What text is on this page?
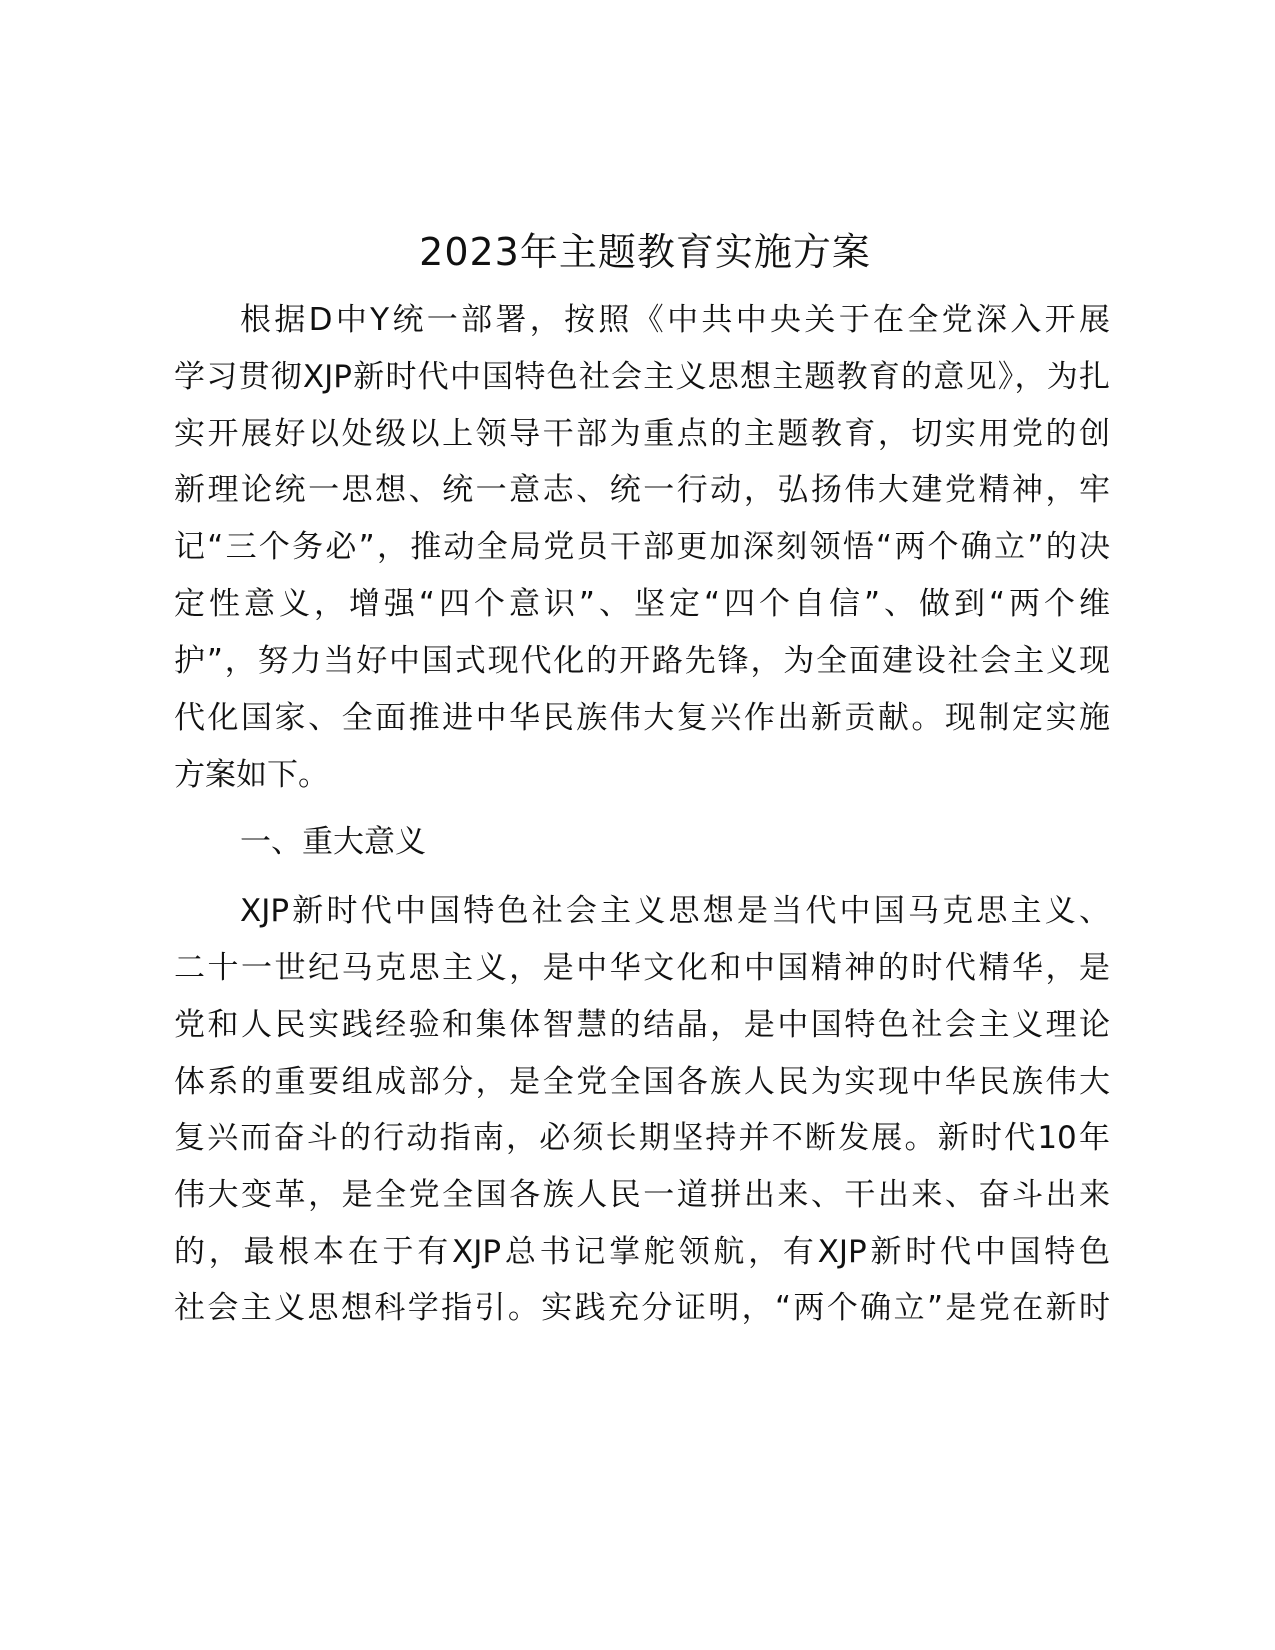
2023年主题教育实施方案
根据D中Y统一部署，按照《中共中央关于在全党深入开展
学习贯彻XJP新时代中国特色社会主义思想主题教育的意见》，为扎
实开展好以处级以上领导干部为重点的主题教育，切实用党的创
新理论统一思想、统一意志、统一行动，弘扬伟大建党精神，牢
记“三个务必”，推动全局党员干部更加深刻领悟“两个确立”的决
定性意义，增强“四个意识”、坚定“四个自信”、做到“两个维
护”，努力当好中国式现代化的开路先锋，为全面建设社会主义现
代化国家、全面推进中华民族伟大复兴作出新贡献。现制定实施
方案如下。
一、重大意义
XJP新时代中国特色社会主义思想是当代中国马克思主义、
二十一世纪马克思主义，是中华文化和中国精神的时代精华，是
党和人民实践经验和集体智慧的结晶，是中国特色社会主义理论
体系的重要组成部分，是全党全国各族人民为实现中华民族伟大
复兴而奋斗的行动指南，必须长期坚持并不断发展。新时代10年
伟大变革，是全党全国各族人民一道拼出来、干出来、奋斗出来
的，最根本在于有XJP总书记掌舵领航，有XJP新时代中国特色
社会主义思想科学指引。实践充分证明，“两个确立”是党在新时
